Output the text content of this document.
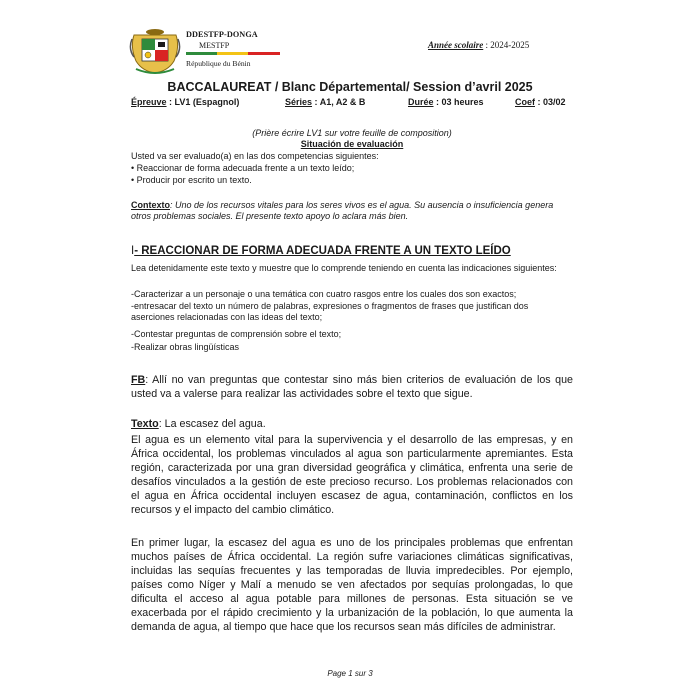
DDESTFP-DONGA
MESTFP
République du Bénin
Année scolaire : 2024-2025
BACCALAUREAT / Blanc Départemental/ Session d’avril 2025
Épreuve : LV1 (Espagnol)	Séries : A1, A2 & B	Durée : 03 heures	Coef : 03/02
(Prière écrire LV1 sur votre feuille de composition)
Situación de evaluación
Usted va ser evaluado(a) en las dos competencias siguientes:
• Reaccionar de forma adecuada frente a un texto leído;
• Producir por escrito un texto.
Contexto: Uno de los recursos vitales para los seres vivos es el agua. Su ausencia o insuficiencia genera otros problemas sociales. El presente texto apoyo lo aclara más bien.
I- REACCIONAR DE FORMA ADECUADA FRENTE A UN TEXTO LEÍDO
Lea detenidamente este texto y muestre que lo comprende teniendo en cuenta las indicaciones siguientes:
-Caracterizar a un personaje o una temática con cuatro rasgos entre los cuales dos son exactos;
-entresacar del texto un número de palabras, expresiones o fragmentos de frases que justifican dos aserciones relacionadas con las ideas del texto;
-Contestar preguntas de comprensión sobre el texto;
-Realizar obras lingüísticas
FB: Allí no van preguntas que contestar sino más bien criterios de evaluación de los que usted va a valerse para realizar las actividades sobre el texto que sigue.
Texto: La escasez del agua.
El agua es un elemento vital para la supervivencia y el desarrollo de las empresas, y en África occidental, los problemas vinculados al agua son particularmente apremiantes. Esta región, caracterizada por una gran diversidad geográfica y climática, enfrenta una serie de desafíos vinculados a la gestión de este precioso recurso. Los problemas relacionados con el agua en África occidental incluyen escasez de agua, contaminación, conflictos en los recursos y el impacto del cambio climático.
En primer lugar, la escasez del agua es uno de los principales problemas que enfrentan muchos países de África occidental. La región sufre variaciones climáticas significativas, incluidas las sequías frecuentes y las temporadas de lluvia impredecibles. Por ejemplo, países como Níger y Malí a menudo se ven afectados por sequías prolongadas, lo que dificulta el acceso al agua potable para millones de personas. Esta situación se ve exacerbada por el rápido crecimiento y la urbanización de la población, lo que aumenta la demanda de agua, al tiempo que hace que los recursos sean más difíciles de administrar.
Page 1 sur 3
